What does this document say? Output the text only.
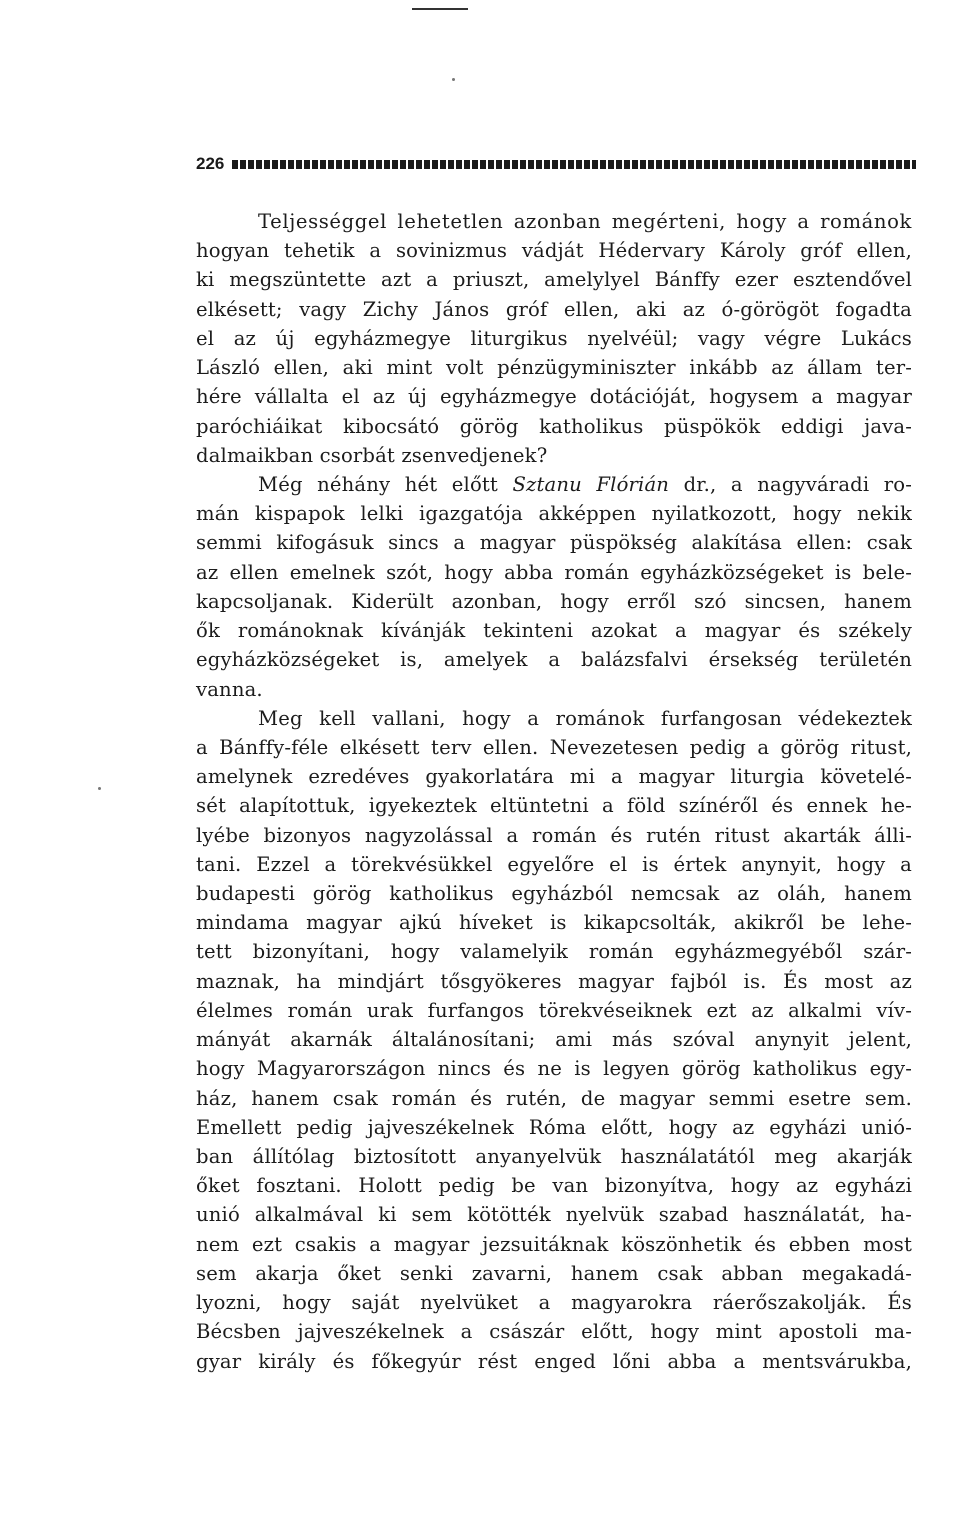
226
Teljességgel lehetetlen azonban megérteni, hogy a románok
hogyan tehetik a sovinizmus vádját Hédervary Károly gróf ellen,
ki megszüntette azt a priuszt, amelylyel Bánffy ezer esztendővel
elkésett; vagy Zichy János gróf ellen, aki az ó-görögöt fogadta
el az új egyházmegye liturgikus nyelvéül; vagy végre Lukács
László ellen, aki mint volt pénzügyminiszter inkább az állam ter-
hére vállalta el az új egyházmegye dotációját, hogysem a magyar
paróchiáikat kibocsátó görög katholikus püspökök eddigi java-
dalmaikban csorbát zsenvedjenek?
Még néhány hét előtt Sztanu Flórián dr., a nagyváradi ro-
mán kispapok lelki igazgatója akképpen nyilatkozott, hogy nekik
semmi kifogásuk sincs a magyar püspökség alakítása ellen: csak
az ellen emelnek szót, hogy abba román egyházközségeket is bele-
kapcsoljanak. Kiderült azonban, hogy erről szó sincsen, hanem
ők románoknak kívánják tekinteni azokat a magyar és székely
egyházközségeket is, amelyek a balázsfalvi érsekség területén
vanna.
Meg kell vallani, hogy a románok furfangosan védekeztek
a Bánffy-féle elkésett terv ellen. Nevezetesen pedig a görög ritust,
amelynek ezredéves gyakorlatára mi a magyar liturgia követelé-
sét alapítottuk, igyekeztek eltüntetni a föld színéről és ennek he-
lyébe bizonyos nagyzolással a román és rutén ritust akarták álli-
tani. Ezzel a törekvésükkel egyelőre el is értek anynyit, hogy a
budapesti görög katholikus egyházból nemcsak az oláh, hanem
mindama magyar ajkú híveket is kikapcsolták, akikről be lehe-
tett bizonyítani, hogy valamelyik román egyházmegyéből szár-
maznak, ha mindjárt tősgyökeres magyar fajból is. És most az
élelmes román urak furfangos törekvéseiknek ezt az alkalmi vív-
mányát akarnák általánosítani; ami más szóval anynyit jelent,
hogy Magyarországon nincs és ne is legyen görög katholikus egy-
ház, hanem csak román és rutén, de magyar semmi esetre sem.
Emellett pedig jajveszékelnek Róma előtt, hogy az egyházi unió-
ban állítólag biztosított anyanyelvük használatától meg akarják
őket fosztani. Holott pedig be van bizonyítva, hogy az egyházi
unió alkalmával ki sem kötötték nyelvük szabad használatát, ha-
nem ezt csakis a magyar jezsuitáknak köszönhetik és ebben most
sem akarja őket senki zavarni, hanem csak abban megakadá-
lyozni, hogy saját nyelvüket a magyarokra ráerőszakolják. És
Bécsben jajveszékelnek a császár előtt, hogy mint apostoli ma-
gyar király és főkegyúr rést enged lőni abba a mentsvárukba,
